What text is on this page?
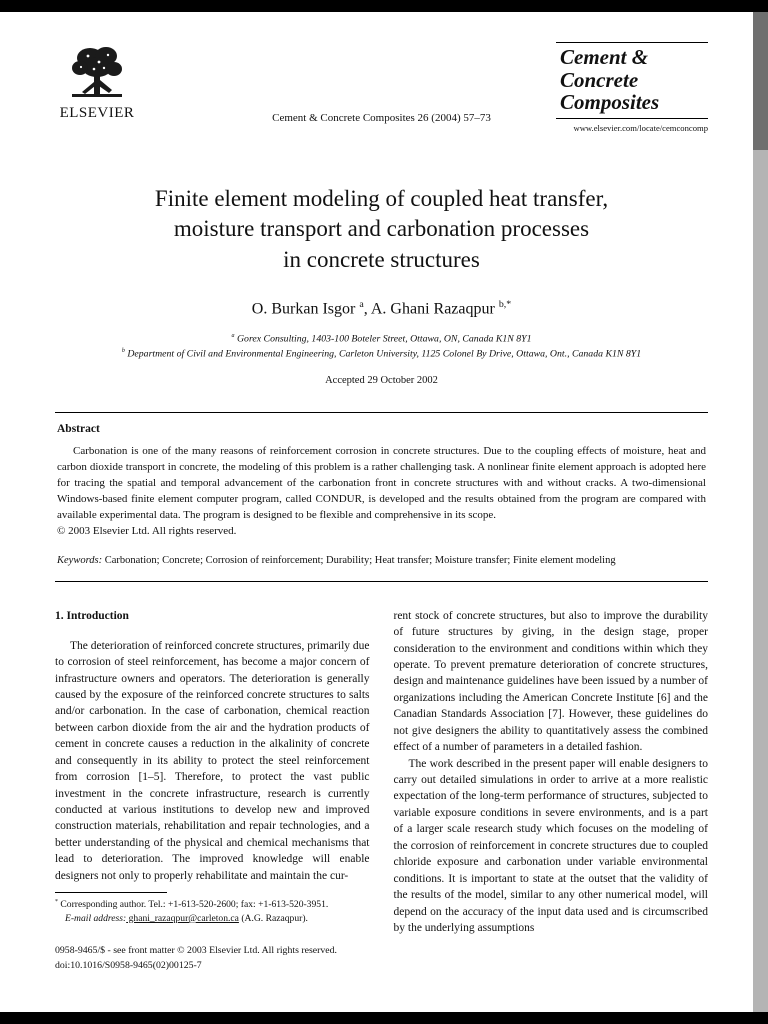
ELSEVIER	Cement & Concrete Composites 26 (2004) 57–73
Cement &
Concrete
Composites
www.elsevier.com/locate/cemconcomp
Finite element modeling of coupled heat transfer,
moisture transport and carbonation processes
in concrete structures
O. Burkan Isgor $^a$, A. Ghani Razaqpur $^{b,*}$
$^a$ Gorex Consulting, 1403-100 Boteler Street, Ottawa, ON, Canada K1N 8Y1
$^b$ Department of Civil and Environmental Engineering, Carleton University, 1125 Colonel By Drive, Ottawa, Ont., Canada K1N 8Y1
Accepted 29 October 2002
Abstract
Carbonation is one of the many reasons of reinforcement corrosion in concrete structures. Due to the coupling effects of moisture, heat and carbon dioxide transport in concrete, the modeling of this problem is a rather challenging task. A nonlinear finite element approach is adopted here for tracing the spatial and temporal advancement of the carbonation front in concrete structures with and without cracks. A two-dimensional Windows-based finite element computer program, called CONDUR, is developed and the results obtained from the program are compared with available experimental data. The program is designed to be flexible and comprehensive in its scope.
© 2003 Elsevier Ltd. All rights reserved.
Keywords: Carbonation; Concrete; Corrosion of reinforcement; Durability; Heat transfer; Moisture transfer; Finite element modeling
1. Introduction

The deterioration of reinforced concrete structures, primarily due to corrosion of steel reinforcement, has become a major concern of infrastructure owners and operators. The deterioration is generally caused by the exposure of the reinforced concrete structures to salts and/or carbonation. In the case of carbonation, chemical reaction between carbon dioxide from the air and the hydration products of cement in concrete causes a reduction in the alkalinity of concrete and consequently in its ability to protect the steel reinforcement from corrosion [1–5]. Therefore, to protect the vast public investment in the concrete infrastructure, research is currently conducted at various institutions to develop new and improved construction materials, rehabilitation and repair technologies, and a better understanding of the physical and chemical mechanisms that lead to deterioration. The improved knowledge will enable designers not only to properly rehabilitate and maintain the cur-

* Corresponding author. Tel.: +1-613-520-2600; fax: +1-613-520-3951.
E-mail address: ghani_razaqpur@carleton.ca (A.G. Razaqpur).
0958-9465/$ - see front matter © 2003 Elsevier Ltd. All rights reserved.
doi:10.1016/S0958-9465(02)00125-7

rent stock of concrete structures, but also to improve the durability of future structures by giving, in the design stage, proper consideration to the environment and conditions within which they operate. To prevent premature deterioration of concrete structures, design and maintenance guidelines have been issued by a number of organizations including the American Concrete Institute [6] and the Canadian Standards Association [7]. However, these guidelines do not give designers the ability to quantitatively assess the combined effect of a number of parameters in a detailed fashion.

The work described in the present paper will enable designers to carry out detailed simulations in order to arrive at a more realistic expectation of the long-term performance of structures, subjected to variable exposure conditions in severe environments, and is a part of a larger scale research study which focuses on the modeling of the corrosion of reinforcement in concrete structures due to coupled chloride exposure and carbonation under variable environmental conditions. It is important to state at the outset that the validity of the results of the model, similar to any other numerical model, will depend on the accuracy of the input data used and is circumscribed by the underlying assumptions
